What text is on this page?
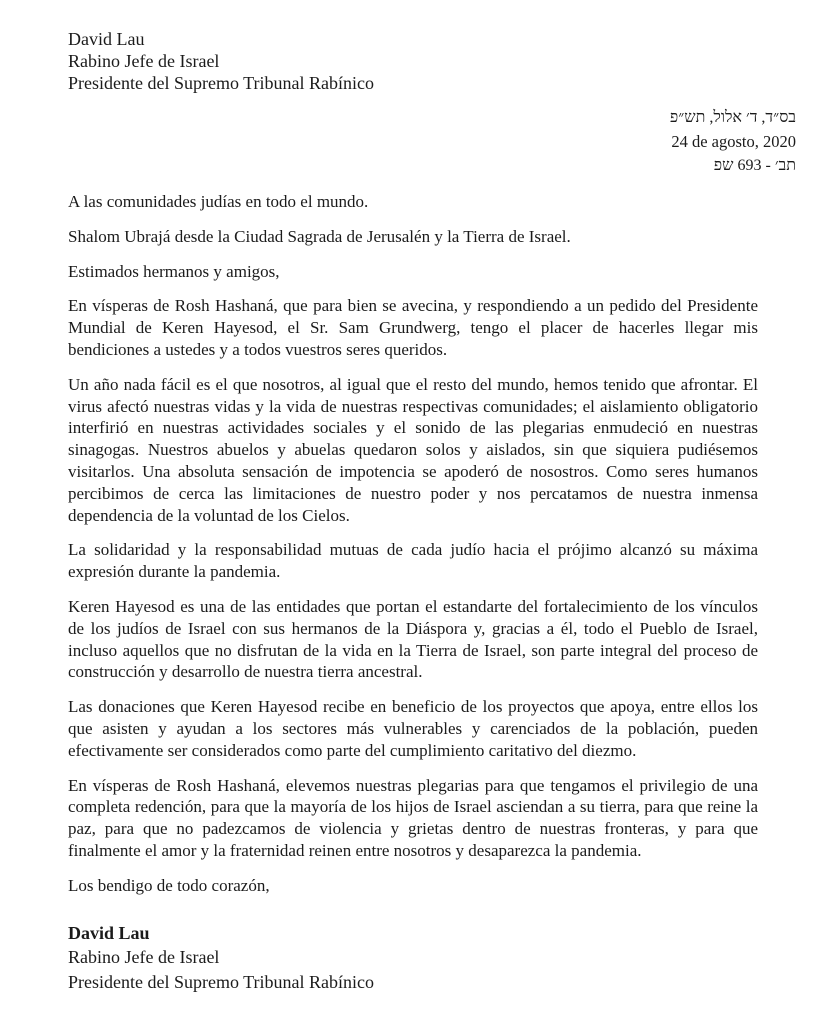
David Lau
Rabino Jefe de Israel
Presidente del Supremo Tribunal Rabínico
בס״ד, ד׳ אלול, תש״פ
24 de agosto, 2020
תב׳ - 693 שפ

A las comunidades judías en todo el mundo.

Shalom Ubrajá desde la Ciudad Sagrada de Jerusalén y la Tierra de Israel.

Estimados hermanos y amigos,

En vísperas de Rosh Hashaná, que para bien se avecina, y respondiendo a un pedido del Presidente Mundial de Keren Hayesod, el Sr. Sam Grundwerg, tengo el placer de hacerles llegar mis bendiciones a ustedes y a todos vuestros seres queridos.

Un año nada fácil es el que nosotros, al igual que el resto del mundo, hemos tenido que afrontar. El virus afectó nuestras vidas y la vida de nuestras respectivas comunidades; el aislamiento obligatorio interfirió en nuestras actividades sociales y el sonido de las plegarias enmudeció en nuestras sinagogas. Nuestros abuelos y abuelas quedaron solos y aislados, sin que siquiera pudiésemos visitarlos. Una absoluta sensación de impotencia se apoderó de nosostros. Como seres humanos percibimos de cerca las limitaciones de nuestro poder y nos percatamos de nuestra inmensa dependencia de la voluntad de los Cielos.

La solidaridad y la responsabilidad mutuas de cada judío hacia el prójimo alcanzó su máxima expresión durante la pandemia.

Keren Hayesod es una de las entidades que portan el estandarte del fortalecimiento de los vínculos de los judíos de Israel con sus hermanos de la Diáspora y, gracias a él, todo el Pueblo de Israel, incluso aquellos que no disfrutan de la vida en la Tierra de Israel, son parte integral del proceso de construcción y desarrollo de nuestra tierra ancestral.

Las donaciones que Keren Hayesod recibe en beneficio de los proyectos que apoya, entre ellos los que asisten y ayudan a los sectores más vulnerables y carenciados de la población, pueden efectivamente ser considerados como parte del cumplimiento caritativo del diezmo.

En vísperas de Rosh Hashaná, elevemos nuestras plegarias para que tengamos el privilegio de una completa redención, para que la mayoría de los hijos de Israel asciendan a su tierra, para que reine la paz, para que no padezcamos de violencia y grietas dentro de nuestras fronteras, y para que finalmente el amor y la fraternidad reinen entre nosotros y desaparezca la pandemia.

Los bendigo de todo corazón,

David Lau
Rabino Jefe de Israel
Presidente del Supremo Tribunal Rabínico
